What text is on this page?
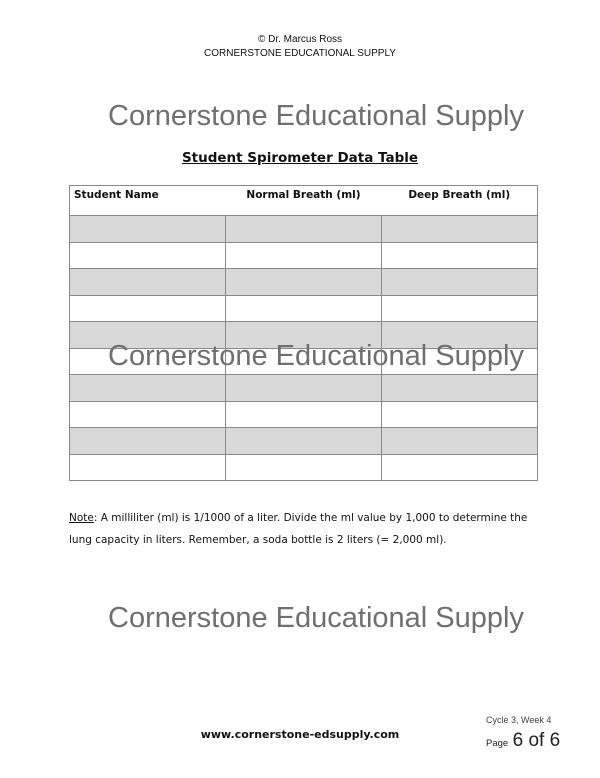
© Dr. Marcus Ross
CORNERSTONE EDUCATIONAL SUPPLY
Cornerstone Educational Supply
Student Spirometer Data Table
Student Name	Normal Breath (ml)	Deep Breath (ml)

Cornerstone Educational Supply
Note: A milliliter (ml) is 1/1000 of a liter. Divide the ml value by 1,000 to determine the lung capacity in liters. Remember, a soda bottle is 2 liters (= 2,000 ml).
Cornerstone Educational Supply
Cycle 3, Week 4
www.cornerstone-edsupply.com
Page 6 of 6
